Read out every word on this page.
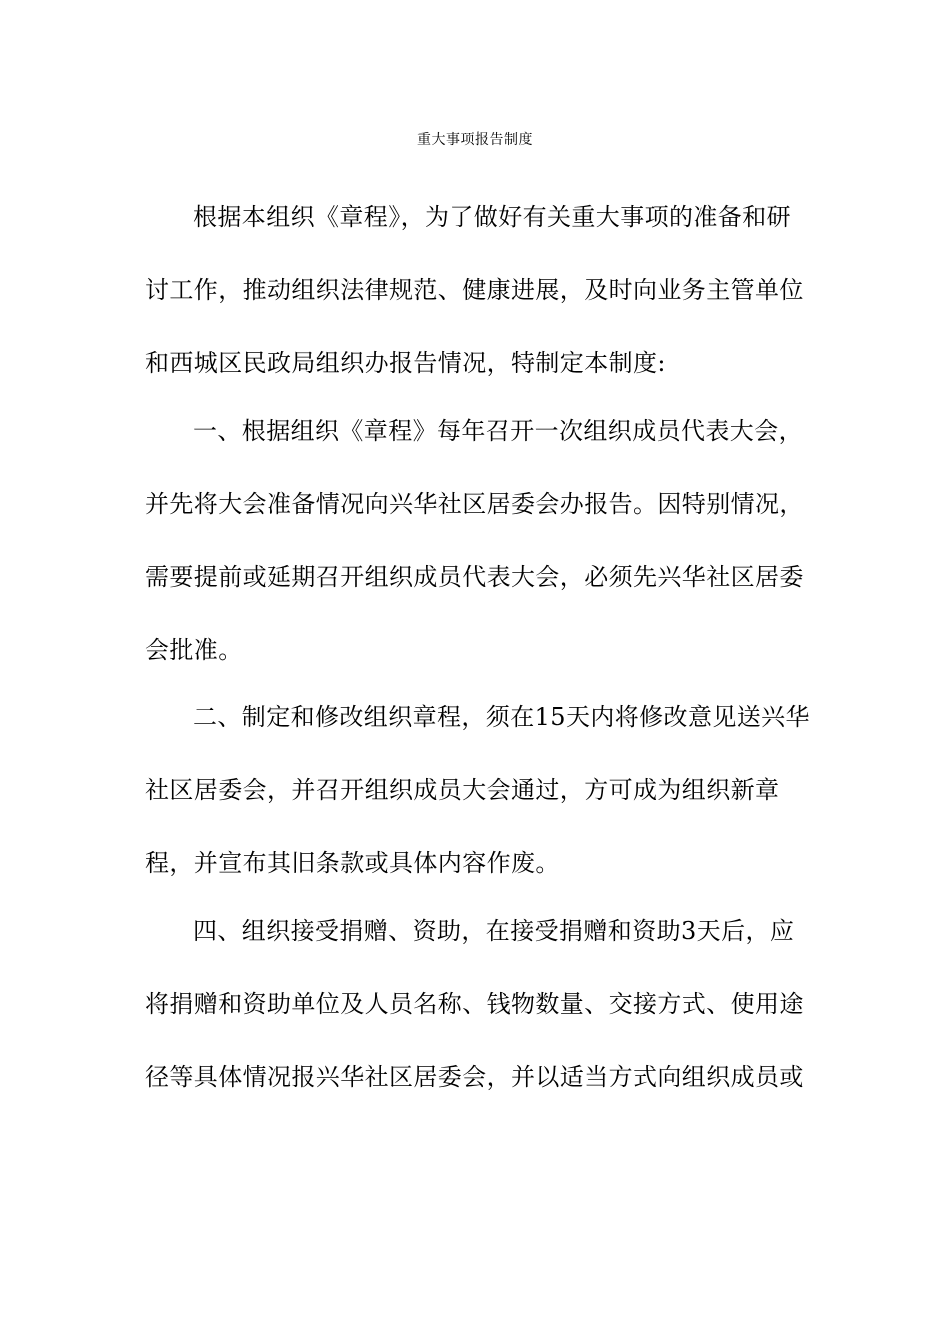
重大事项报告制度
根据本组织《章程》，为了做好有关重大事项的准备和研
讨工作，推动组织法律规范、健康进展，及时向业务主管单位
和西城区民政局组织办报告情况，特制定本制度:
一、根据组织《章程》每年召开一次组织成员代表大会，
并先将大会准备情况向兴华社区居委会办报告。因特别情况，
需要提前或延期召开组织成员代表大会，必须先兴华社区居委
会批准。
二、制定和修改组织章程，须在15天内将修改意见送兴华
社区居委会，并召开组织成员大会通过，方可成为组织新章
程，并宣布其旧条款或具体内容作废。
四、组织接受捐赠、资助，在接受捐赠和资助3天后，应
将捐赠和资助单位及人员名称、钱物数量、交接方式、使用途
径等具体情况报兴华社区居委会，并以适当方式向组织成员或
